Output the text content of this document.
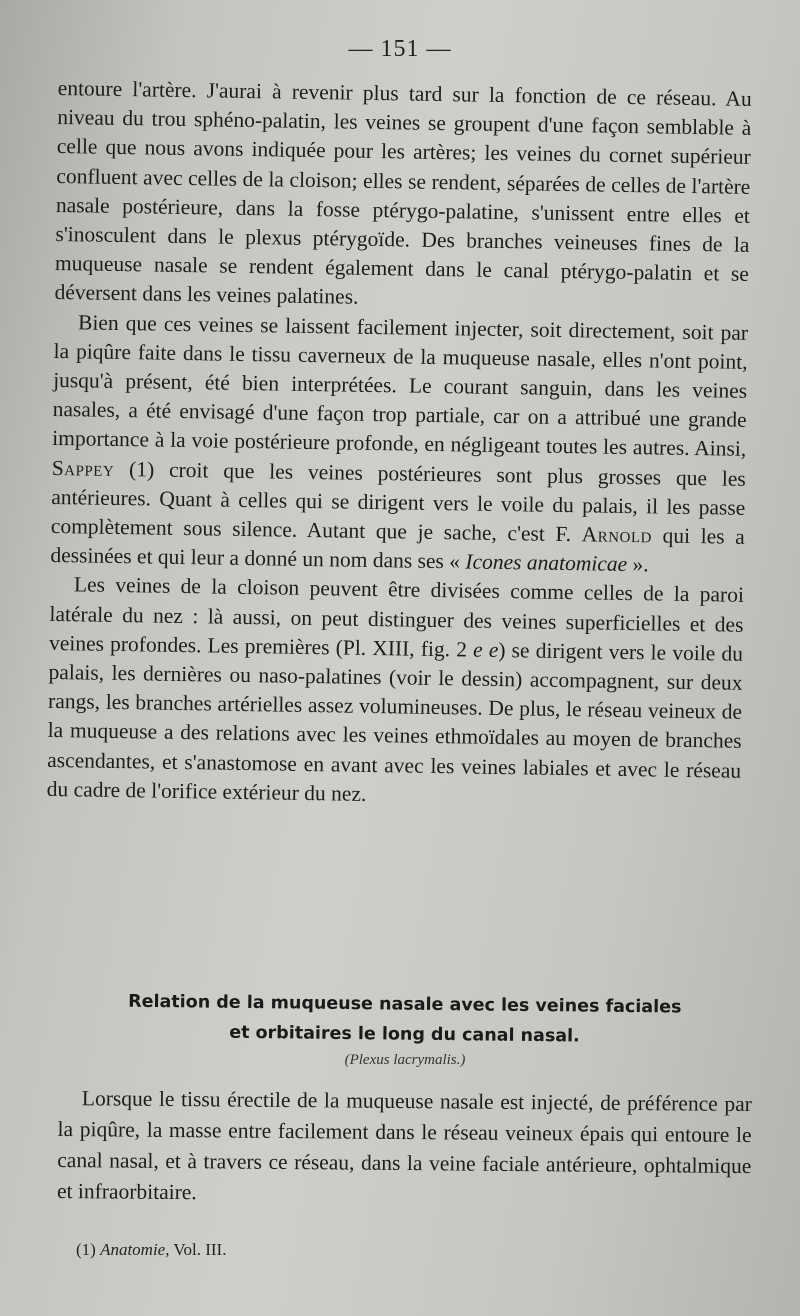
— 151 —

entoure l'artère. J'aurai à revenir plus tard sur la fonction de ce réseau. Au niveau du trou sphéno-palatin, les veines se groupent d'une façon semblable à celle que nous avons indiquée pour les artères; les veines du cornet supérieur confluent avec celles de la cloison; elles se rendent, séparées de celles de l'artère nasale postérieure, dans la fosse ptérygo-palatine, s'unissent entre elles et s'inosculent dans le plexus ptérygoïde. Des branches veineuses fines de la muqueuse nasale se rendent également dans le canal ptérygo-palatin et se déversent dans les veines palatines.

Bien que ces veines se laissent facilement injecter, soit directement, soit par la piqûre faite dans le tissu caverneux de la muqueuse nasale, elles n'ont point, jusqu'à présent, été bien interprétées. Le courant sanguin, dans les veines nasales, a été envisagé d'une façon trop partiale, car on a attribué une grande importance à la voie postérieure profonde, en négligeant toutes les autres. Ainsi, Sappey (1) croit que les veines postérieures sont plus grosses que les antérieures. Quant à celles qui se dirigent vers le voile du palais, il les passe complètement sous silence. Autant que je sache, c'est F. Arnold qui les a dessinées et qui leur a donné un nom dans ses « Icones anatomicae ».

Les veines de la cloison peuvent être divisées comme celles de la paroi latérale du nez : là aussi, on peut distinguer des veines superficielles et des veines profondes. Les premières (Pl. XIII, fig. 2 e e) se dirigent vers le voile du palais, les dernières ou naso-palatines (voir le dessin) accompagnent, sur deux rangs, les branches artérielles assez volumineuses. De plus, le réseau veineux de la muqueuse a des relations avec les veines ethmoïdales au moyen de branches ascendantes, et s'anastomose en avant avec les veines labiales et avec le réseau du cadre de l'orifice extérieur du nez.

Relation de la muqueuse nasale avec les veines faciales
et orbitaires le long du canal nasal.
(Plexus lacrymalis.)

Lorsque le tissu érectile de la muqueuse nasale est injecté, de préférence par la piqûre, la masse entre facilement dans le réseau veineux épais qui entoure le canal nasal, et à travers ce réseau, dans la veine faciale antérieure, ophtalmique et infraorbitaire.

(1) Anatomie, Vol. III.
